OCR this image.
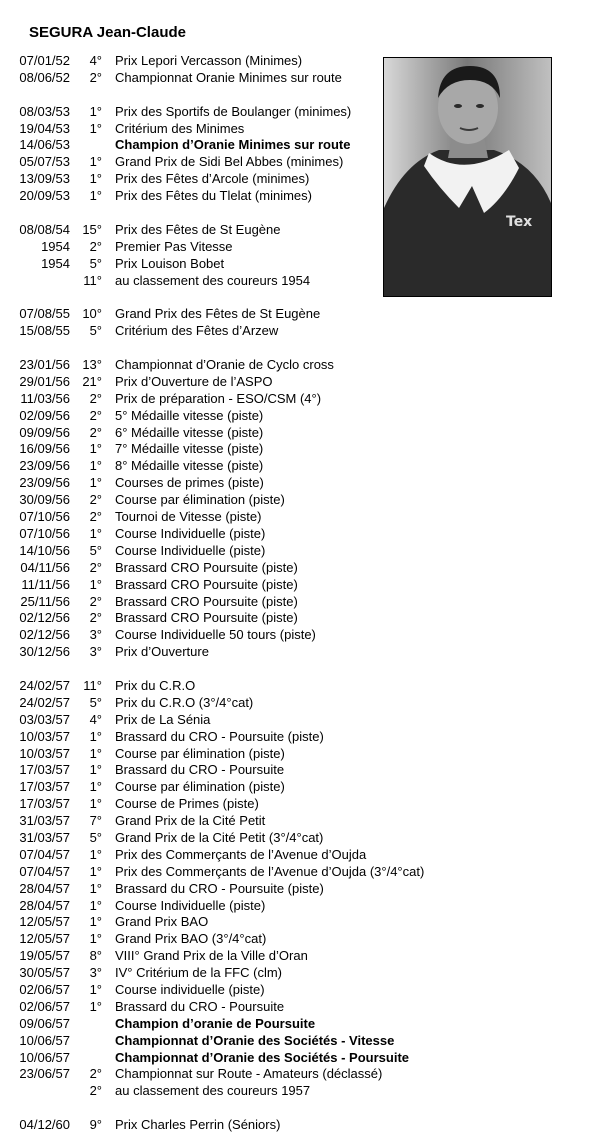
SEGURA Jean-Claude
07/01/52 4° Prix Lepori Vercasson (Minimes)
08/06/52 2° Championnat Oranie Minimes sur route
08/03/53 1° Prix des Sportifs de Boulanger (minimes)
19/04/53 1° Critérium des Minimes
14/06/53	Champion d’Oranie Minimes sur route
05/07/53 1° Grand Prix de Sidi Bel Abbes (minimes)
13/09/53 1° Prix des Fêtes d’Arcole (minimes)
20/09/53 1° Prix des Fêtes du Tlelat (minimes)
08/08/54 15° Prix des Fêtes de St Eugène
1954 2° Premier Pas Vitesse
1954 5° Prix Louison Bobet
11° au classement des coureurs 1954
07/08/55 10° Grand Prix des Fêtes de St Eugène
15/08/55 5° Critérium des Fêtes d’Arzew
23/01/56 13° Championnat d’Oranie de Cyclo cross
29/01/56 21° Prix d’Ouverture de l’ASPO
11/03/56 2° Prix de préparation - ESO/CSM (4°)
02/09/56 2° 5° Médaille vitesse (piste)
09/09/56 2° 6° Médaille vitesse (piste)
16/09/56 1° 7° Médaille vitesse (piste)
23/09/56 1° 8° Médaille vitesse (piste)
23/09/56 1° Courses de primes (piste)
30/09/56 2° Course par élimination (piste)
07/10/56 2° Tournoi de Vitesse (piste)
07/10/56 1° Course Individuelle (piste)
14/10/56 5° Course Individuelle (piste)
04/11/56 2° Brassard CRO Poursuite (piste)
11/11/56 1° Brassard CRO Poursuite (piste)
25/11/56 2° Brassard CRO Poursuite (piste)
02/12/56 2° Brassard CRO Poursuite (piste)
02/12/56 3° Course Individuelle 50 tours (piste)
30/12/56 3° Prix d’Ouverture
24/02/57 11° Prix du C.R.O
24/02/57 5° Prix du C.R.O (3°/4°cat)
03/03/57 4° Prix de La Sénia
10/03/57 1° Brassard du CRO - Poursuite (piste)
10/03/57 1° Course par élimination (piste)
17/03/57 1° Brassard du CRO - Poursuite
17/03/57 1° Course par élimination (piste)
17/03/57 1° Course de Primes (piste)
31/03/57 7° Grand Prix de la Cité Petit
31/03/57 5° Grand Prix de la Cité Petit (3°/4°cat)
07/04/57 1° Prix des Commerçants de l’Avenue d’Oujda
07/04/57 1° Prix des Commerçants de l’Avenue d’Oujda (3°/4°cat)
28/04/57 1° Brassard du CRO - Poursuite (piste)
28/04/57 1° Course Individuelle (piste)
12/05/57 1° Grand Prix BAO
12/05/57 1° Grand Prix BAO (3°/4°cat)
19/05/57 8° VIII° Grand Prix de la Ville d’Oran
30/05/57 3° IV° Critérium de la FFC (clm)
02/06/57 1° Course individuelle (piste)
02/06/57 1° Brassard du CRO - Poursuite
09/06/57	Champion d’oranie de Poursuite
10/06/57	Championnat d’Oranie des Sociétés - Vitesse
10/06/57	Championnat d’Oranie des Sociétés - Poursuite
23/06/57 2° Championnat sur Route - Amateurs (déclassé)
2° au classement des coureurs 1957
04/12/60 9° Prix Charles Perrin (Séniors)
Tex
